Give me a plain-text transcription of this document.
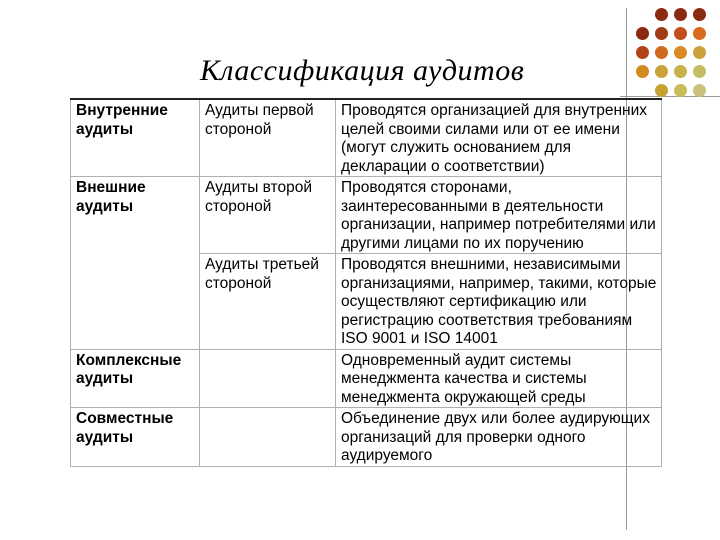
Классификация аудитов
Внутренние аудиты	Аудиты первой стороной	Проводятся организацией для внутренних целей своими силами или от ее имени (могут служить основанием для декларации о соответствии)
Внешние аудиты	Аудиты второй стороной	Проводятся сторонами, заинтересованными в деятельности организации, например потребителями или другими лицами по их поручению
	Аудиты третьей стороной	Проводятся внешними, независимыми организациями, например, такими, которые осуществляют сертификацию или регистрацию соответствия требованиям ISO 9001 и ISO 14001
Комплексные аудиты		Одновременный аудит системы менеджмента качества и системы менеджмента окружающей среды
Совместные аудиты		Объединение двух или более аудирующих организаций для проверки одного аудируемого
